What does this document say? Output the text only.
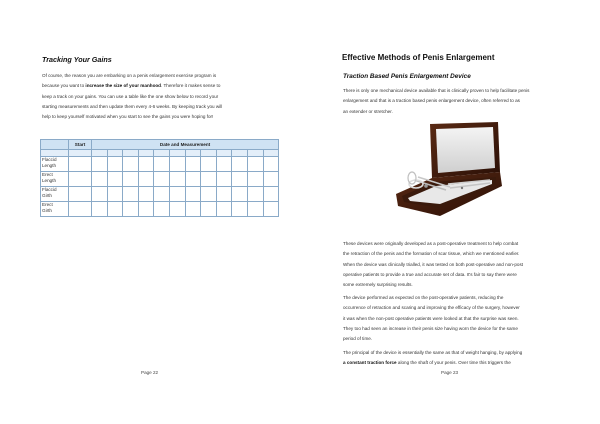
Tracking Your Gains
Of course, the reason you are embarking on a penis enlargement exercise program is
because you want to increase the size of your manhood. Therefore it makes sense to
keep a track on your gains. You can use a table like the one show below to record your
starting measurements and then update them every 4-6 weeks. By keeping track you will
help to keep yourself motivated when you start to see the gains you were hoping for!
	Start	Date and Measurement											

Flaccid
Length													

Erect
Length													

Flaccid
Girth													

Erect
Girth													

Page 22
Effective Methods of Penis Enlargement
Traction Based Penis Enlargement Device
There is only one mechanical device available that is clinically proven to help facilitate penis
enlargement and that is a traction based penis enlargement device, often referred to as
an extender or stretcher.
These devices were originally developed as a post-operative treatment to help combat
the retraction of the penis and the formation of scar tissue, which we mentioned earlier.
When the device was clinically trialled, it was tested on both post-operative and non-post
operative patients to provide a true and accurate set of data. It's fair to say there were
some extremely surprising results.
The device performed as expected on the post-operative patients, reducing the
occurrence of retraction and scaring and improving the efficacy of the surgery, however
it was when the non-post operative patients were looked at that the surprise was seen.
They too had seen an increase in their penis size having worn the device for the same
period of time.
The principal of the device is essentially the same as that of weight hanging, by applying
a constant traction force along the shaft of your penis. Over time this triggers the
Page 23
